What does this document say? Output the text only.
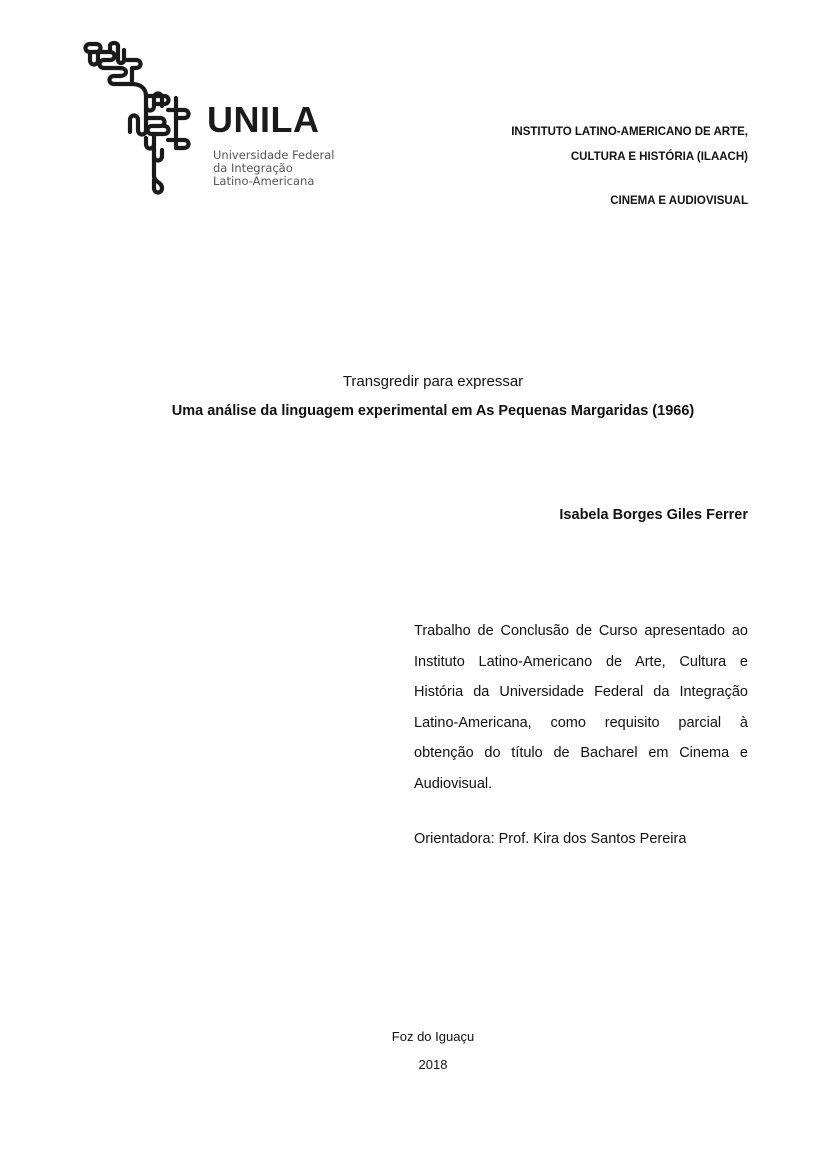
UNILA
Universidade Federal
da Integração
Latino-Americana
INSTITUTO LATINO-AMERICANO DE ARTE,
CULTURA E HISTÓRIA (ILAACH)
CINEMA E AUDIOVISUAL
Transgredir para expressar
Uma análise da linguagem experimental em As Pequenas Margaridas (1966)
Isabela Borges Giles Ferrer
Trabalho de Conclusão de Curso apresentado ao Instituto Latino-Americano de Arte, Cultura e História da Universidade Federal da Integração Latino-Americana, como requisito parcial à obtenção do título de Bacharel em Cinema e Audiovisual.
Orientadora: Prof. Kira dos Santos Pereira
Foz do Iguaçu
2018
